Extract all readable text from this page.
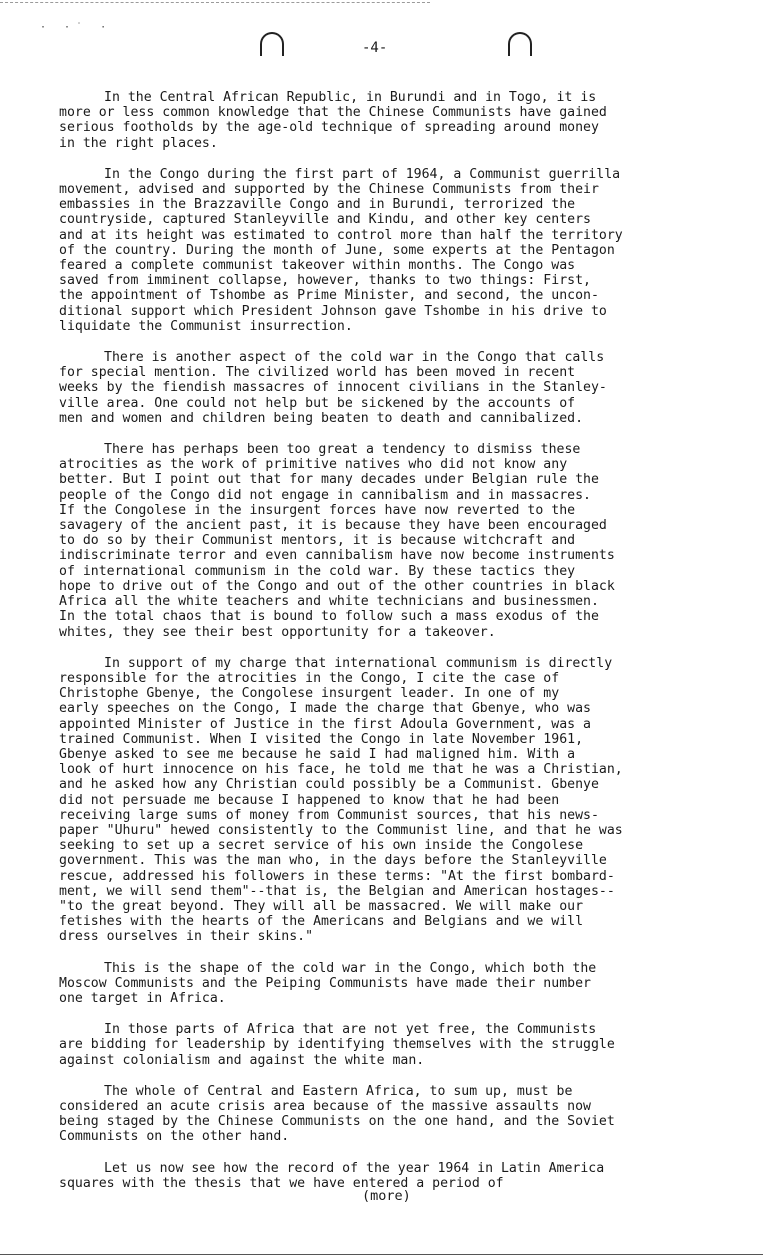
· ·˙ ·
-4-

In the Central African Republic, in Burundi and in Togo, it is
more or less common knowledge that the Chinese Communists have gained
serious footholds by the age-old technique of spreading around money
in the right places.

In the Congo during the first part of 1964, a Communist guerrilla
movement, advised and supported by the Chinese Communists from their
embassies in the Brazzaville Congo and in Burundi, terrorized the
countryside, captured Stanleyville and Kindu, and other key centers
and at its height was estimated to control more than half the territory
of the country. During the month of June, some experts at the Pentagon
feared a complete communist takeover within months. The Congo was
saved from imminent collapse, however, thanks to two things: First,
the appointment of Tshombe as Prime Minister, and second, the uncon-
ditional support which President Johnson gave Tshombe in his drive to
liquidate the Communist insurrection.

There is another aspect of the cold war in the Congo that calls
for special mention. The civilized world has been moved in recent
weeks by the fiendish massacres of innocent civilians in the Stanley-
ville area. One could not help but be sickened by the accounts of
men and women and children being beaten to death and cannibalized.

There has perhaps been too great a tendency to dismiss these
atrocities as the work of primitive natives who did not know any
better. But I point out that for many decades under Belgian rule the
people of the Congo did not engage in cannibalism and in massacres.
If the Congolese in the insurgent forces have now reverted to the
savagery of the ancient past, it is because they have been encouraged
to do so by their Communist mentors, it is because witchcraft and
indiscriminate terror and even cannibalism have now become instruments
of international communism in the cold war. By these tactics they
hope to drive out of the Congo and out of the other countries in black
Africa all the white teachers and white technicians and businessmen.
In the total chaos that is bound to follow such a mass exodus of the
whites, they see their best opportunity for a takeover.

In support of my charge that international communism is directly
responsible for the atrocities in the Congo, I cite the case of
Christophe Gbenye, the Congolese insurgent leader. In one of my
early speeches on the Congo, I made the charge that Gbenye, who was
appointed Minister of Justice in the first Adoula Government, was a
trained Communist. When I visited the Congo in late November 1961,
Gbenye asked to see me because he said I had maligned him. With a
look of hurt innocence on his face, he told me that he was a Christian,
and he asked how any Christian could possibly be a Communist. Gbenye
did not persuade me because I happened to know that he had been
receiving large sums of money from Communist sources, that his news-
paper "Uhuru" hewed consistently to the Communist line, and that he was
seeking to set up a secret service of his own inside the Congolese
government. This was the man who, in the days before the Stanleyville
rescue, addressed his followers in these terms: "At the first bombard-
ment, we will send them"--that is, the Belgian and American hostages--
"to the great beyond. They will all be massacred. We will make our
fetishes with the hearts of the Americans and Belgians and we will
dress ourselves in their skins."

This is the shape of the cold war in the Congo, which both the
Moscow Communists and the Peiping Communists have made their number
one target in Africa.

In those parts of Africa that are not yet free, the Communists
are bidding for leadership by identifying themselves with the struggle
against colonialism and against the white man.

The whole of Central and Eastern Africa, to sum up, must be
considered an acute crisis area because of the massive assaults now
being staged by the Chinese Communists on the one hand, and the Soviet
Communists on the other hand.

Let us now see how the record of the year 1964 in Latin America
squares with the thesis that we have entered a period of

(more)
